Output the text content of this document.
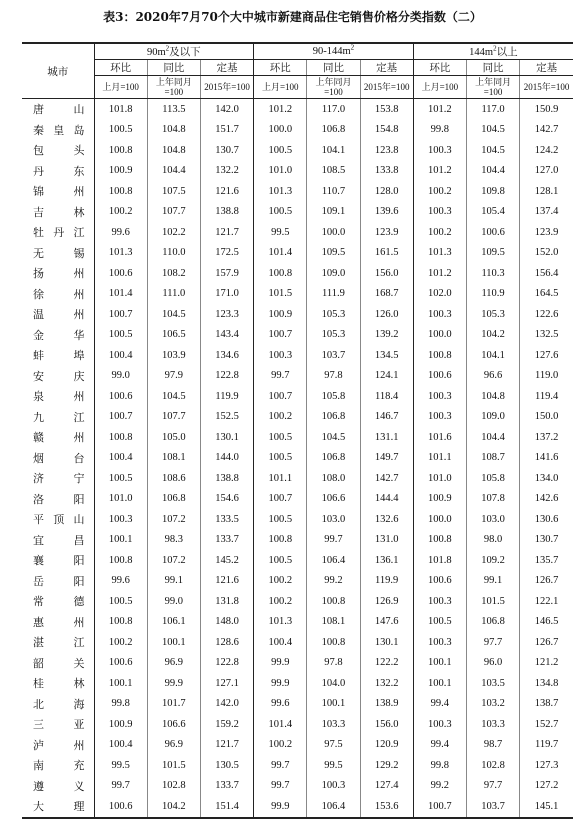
表3：2020年7月70个大中城市新建商品住宅销售价格分类指数（二）
城市	$90m^2$及以下			$90-144m^2$			$144m^2$以上		
	环比	同比	定基	环比	同比	定基	环比	同比	定基
	上月=100	上年同月=100	2015年=100	上月=100	上年同月=100	2015年=100	上月=100	上年同月=100	2015年=100
唐山	101.8	113.5	142.0	101.2	117.0	153.8	101.2	117.0	150.9
秦皇岛	100.5	104.8	151.7	100.0	106.8	154.8	99.8	104.5	142.7
包头	100.8	104.8	130.7	100.5	104.1	123.8	100.3	104.5	124.2
丹东	100.9	104.4	132.2	101.0	108.5	133.8	101.2	104.4	127.0
锦州	100.8	107.5	121.6	101.3	110.7	128.0	100.2	109.8	128.1
吉林	100.2	107.7	138.8	100.5	109.1	139.6	100.3	105.4	137.4
牡丹江	99.6	102.2	121.7	99.5	100.0	123.9	100.2	100.6	123.9
无锡	101.3	110.0	172.5	101.4	109.5	161.5	101.3	109.5	152.0
扬州	100.6	108.2	157.9	100.8	109.0	156.0	101.2	110.3	156.4
徐州	101.4	111.0	171.0	101.5	111.9	168.7	102.0	110.9	164.5
温州	100.7	104.5	123.3	100.9	105.3	126.0	100.3	105.3	122.6
金华	100.5	106.5	143.4	100.7	105.3	139.2	100.0	104.2	132.5
蚌埠	100.4	103.9	134.6	100.3	103.7	134.5	100.8	104.1	127.6
安庆	99.0	97.9	122.8	99.7	97.8	124.1	100.6	96.6	119.0
泉州	100.6	104.5	119.9	100.7	105.8	118.4	100.3	104.8	119.4
九江	100.7	107.7	152.5	100.2	106.8	146.7	100.3	109.0	150.0
赣州	100.8	105.0	130.1	100.5	104.5	131.1	101.6	104.4	137.2
烟台	100.4	108.1	144.0	100.5	106.8	149.7	101.1	108.7	141.6
济宁	100.5	108.6	138.8	101.1	108.0	142.7	101.0	105.8	134.0
洛阳	101.0	106.8	154.6	100.7	106.6	144.4	100.9	107.8	142.6
平顶山	100.3	107.2	133.5	100.5	103.0	132.6	100.0	103.0	130.6
宜昌	100.1	98.3	133.7	100.8	99.7	131.0	100.8	98.0	130.7
襄阳	100.8	107.2	145.2	100.5	106.4	136.1	101.8	109.2	135.7
岳阳	99.6	99.1	121.6	100.2	99.2	119.9	100.6	99.1	126.7
常德	100.5	99.0	131.8	100.2	100.8	126.9	100.3	101.5	122.1
惠州	100.8	106.1	148.0	101.3	108.1	147.6	100.5	106.8	146.5
湛江	100.2	100.1	128.6	100.4	100.8	130.1	100.3	97.7	126.7
韶关	100.6	96.9	122.8	99.9	97.8	122.2	100.1	96.0	121.2
桂林	100.1	99.9	127.1	99.9	104.0	132.2	100.1	103.5	134.8
北海	99.8	101.7	142.0	99.6	100.1	138.9	99.4	103.2	138.7
三亚	100.9	106.6	159.2	101.4	103.3	156.0	100.3	103.3	152.7
泸州	100.4	96.9	121.7	100.2	97.5	120.9	99.4	98.7	119.7
南充	99.5	101.5	130.5	99.7	99.5	129.2	99.8	102.8	127.3
遵义	99.7	102.8	133.7	99.7	100.3	127.4	99.2	97.7	127.2
大理	100.6	104.2	151.4	99.9	106.4	153.6	100.7	103.7	145.1
